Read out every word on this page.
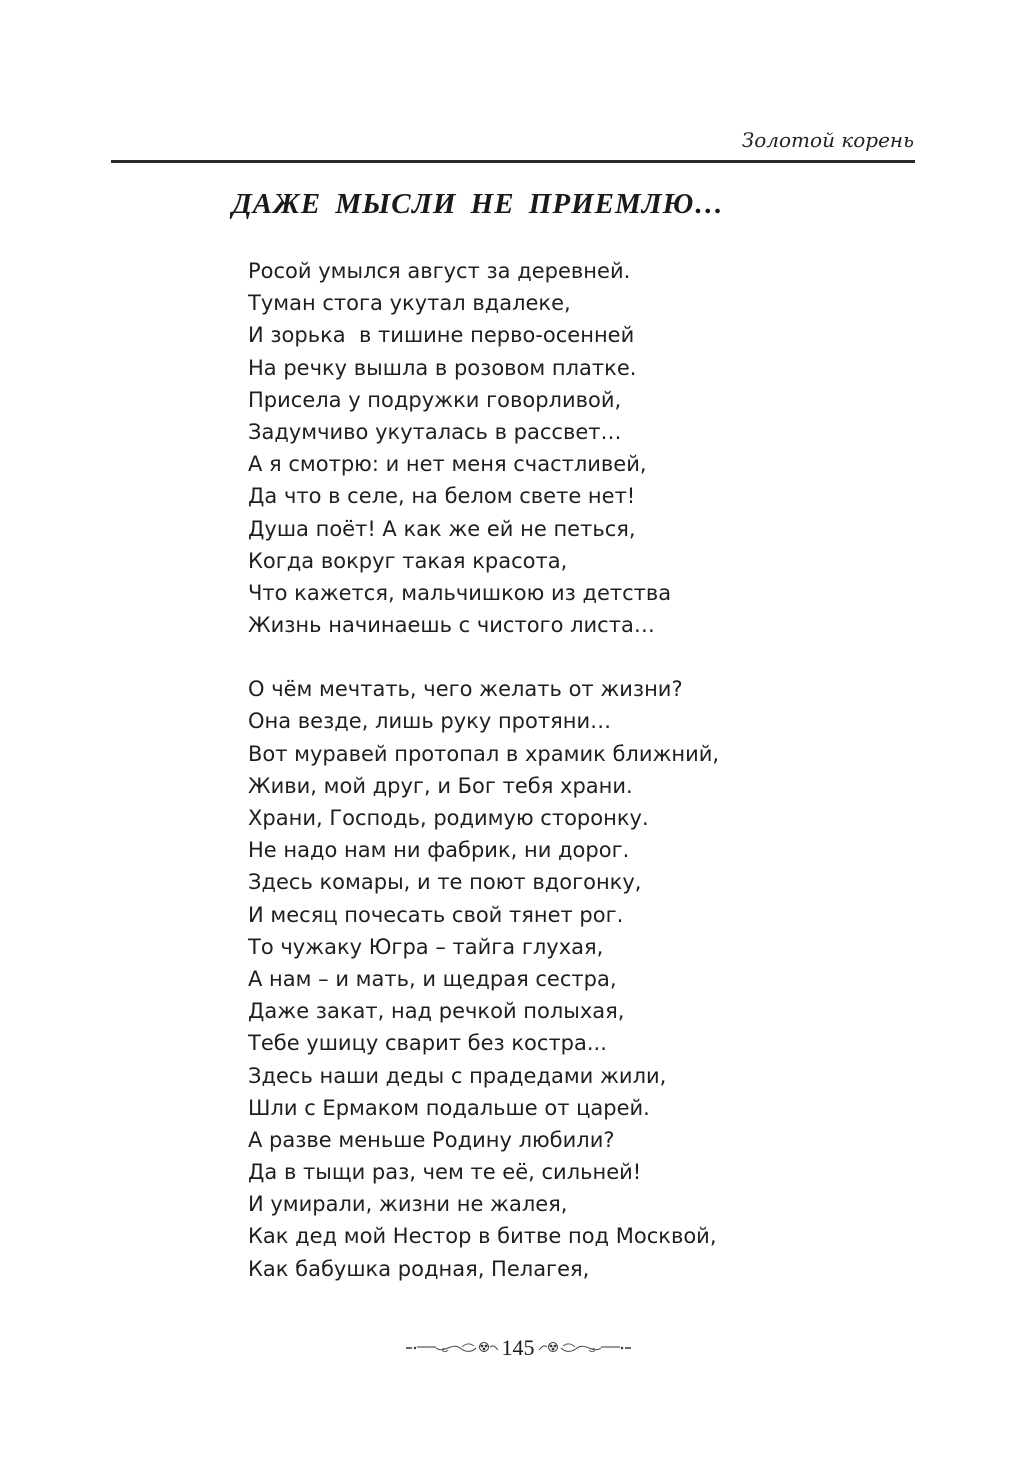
Золотой корень
ДАЖЕ МЫСЛИ НЕ ПРИЕМЛЮ…
Росой умылся август за деревней.
Туман стога укутал вдалеке,
И зорька  в тишине перво-осенней
На речку вышла в розовом платке.
Присела у подружки говорливой,
Задумчиво укуталась в рассвет…
А я смотрю: и нет меня счастливей,
Да что в селе, на белом свете нет!
Душа поёт! А как же ей не петься,
Когда вокруг такая красота,
Что кажется, мальчишкою из детства
Жизнь начинаешь с чистого листа…
О чём мечтать, чего желать от жизни?
Она везде, лишь руку протяни…
Вот муравей протопал в храмик ближний,
Живи, мой друг, и Бог тебя храни.
Храни, Господь, родимую сторонку.
Не надо нам ни фабрик, ни дорог.
Здесь комары, и те поют вдогонку,
И месяц почесать свой тянет рог.
То чужаку Югра – тайга глухая,
А нам – и мать, и щедрая сестра,
Даже закат, над речкой полыхая,
Тебе ушицу сварит без костра...
Здесь наши деды с прадедами жили,
Шли с Ермаком подальше от царей.
А разве меньше Родину любили?
Да в тыщи раз, чем те её, сильней!
И умирали, жизни не жалея,
Как дед мой Нестор в битве под Москвой,
Как бабушка родная, Пелагея,
145
